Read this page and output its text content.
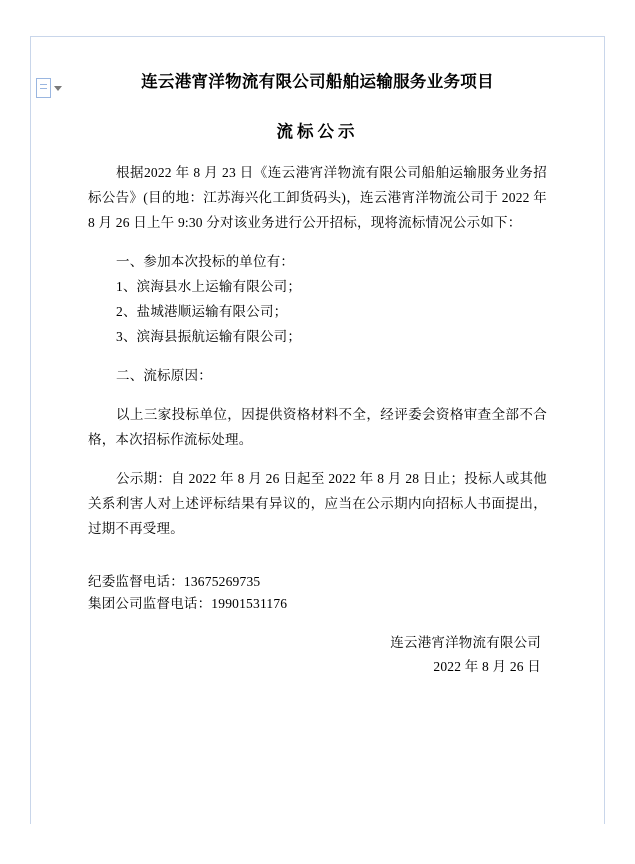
连云港宵洋物流有限公司船舶运输服务业务项目
流标公示
根据2022 年 8 月 23 日《连云港宵洋物流有限公司船舶运输服务业务招标公告》(目的地：江苏海兴化工卸货码头)，连云港宵洋物流公司于 2022 年 8 月 26 日上午 9:30 分对该业务进行公开招标，现将流标情况公示如下：
一、参加本次投标的单位有：
1、滨海县水上运输有限公司；
2、盐城港顺运输有限公司；
3、滨海县振航运输有限公司；
二、流标原因：
以上三家投标单位，因提供资格材料不全，经评委会资格审查全部不合格，本次招标作流标处理。
公示期：自 2022 年 8 月 26 日起至 2022 年 8 月 28 日止；投标人或其他关系利害人对上述评标结果有异议的，应当在公示期内向招标人书面提出，过期不再受理。
纪委监督电话：13675269735
集团公司监督电话：19901531176
连云港宵洋物流有限公司
2022 年 8 月 26 日
